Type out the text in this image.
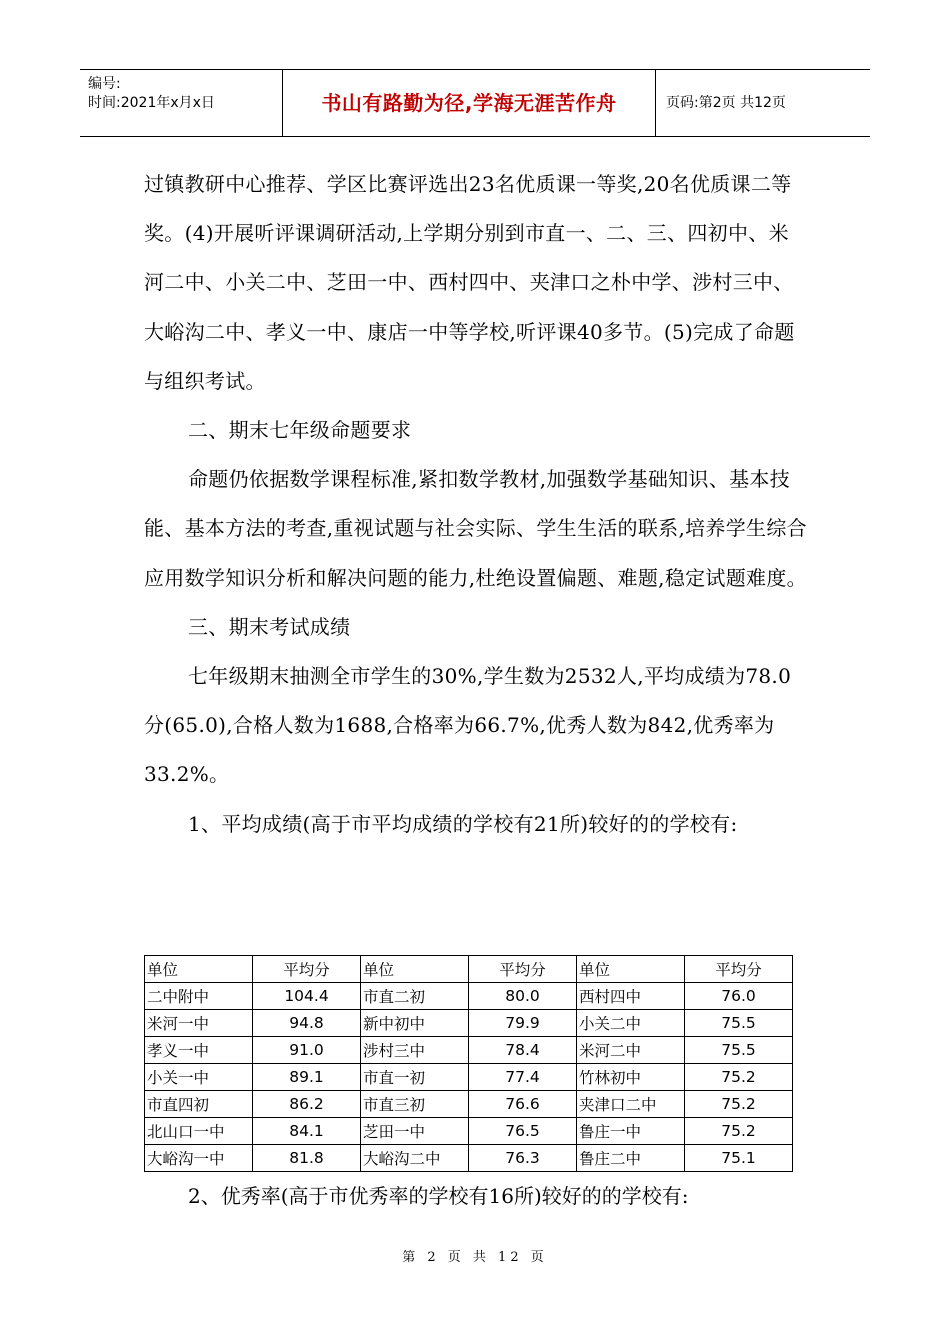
编号:
时间:2021年x月x日	书山有路勤为径,学海无涯苦作舟	页码:第2页 共12页

过镇教研中心推荐、学区比赛评选出23名优质课一等奖,20名优质课二等奖。(4)开展听评课调研活动,上学期分别到市直一、二、三、四初中、米河二中、小关二中、芝田一中、西村四中、夹津口之朴中学、涉村三中、大峪沟二中、孝义一中、康店一中等学校,听评课40多节。(5)完成了命题与组织考试。

二、期末七年级命题要求

命题仍依据数学课程标准,紧扣数学教材,加强数学基础知识、基本技能、基本方法的考查,重视试题与社会实际、学生生活的联系,培养学生综合应用数学知识分析和解决问题的能力,杜绝设置偏题、难题,稳定试题难度。

三、期末考试成绩

七年级期末抽测全市学生的30%,学生数为2532人,平均成绩为78.0分(65.0),合格人数为1688,合格率为66.7%,优秀人数为842,优秀率为33.2%。

1、平均成绩(高于市平均成绩的学校有21所)较好的的学校有:

单位	平均分	单位	平均分	单位	平均分
二中附中	104.4	市直二初	80.0	西村四中	76.0
米河一中	94.8	新中初中	79.9	小关二中	75.5
孝义一中	91.0	涉村三中	78.4	米河二中	75.5
小关一中	89.1	市直一初	77.4	竹林初中	75.2
市直四初	86.2	市直三初	76.6	夹津口二中	75.2
北山口一中	84.1	芝田一中	76.5	鲁庄一中	75.2
大峪沟一中	81.8	大峪沟二中	76.3	鲁庄二中	75.1
2、优秀率(高于市优秀率的学校有16所)较好的的学校有:
第 2 页 共 12 页
